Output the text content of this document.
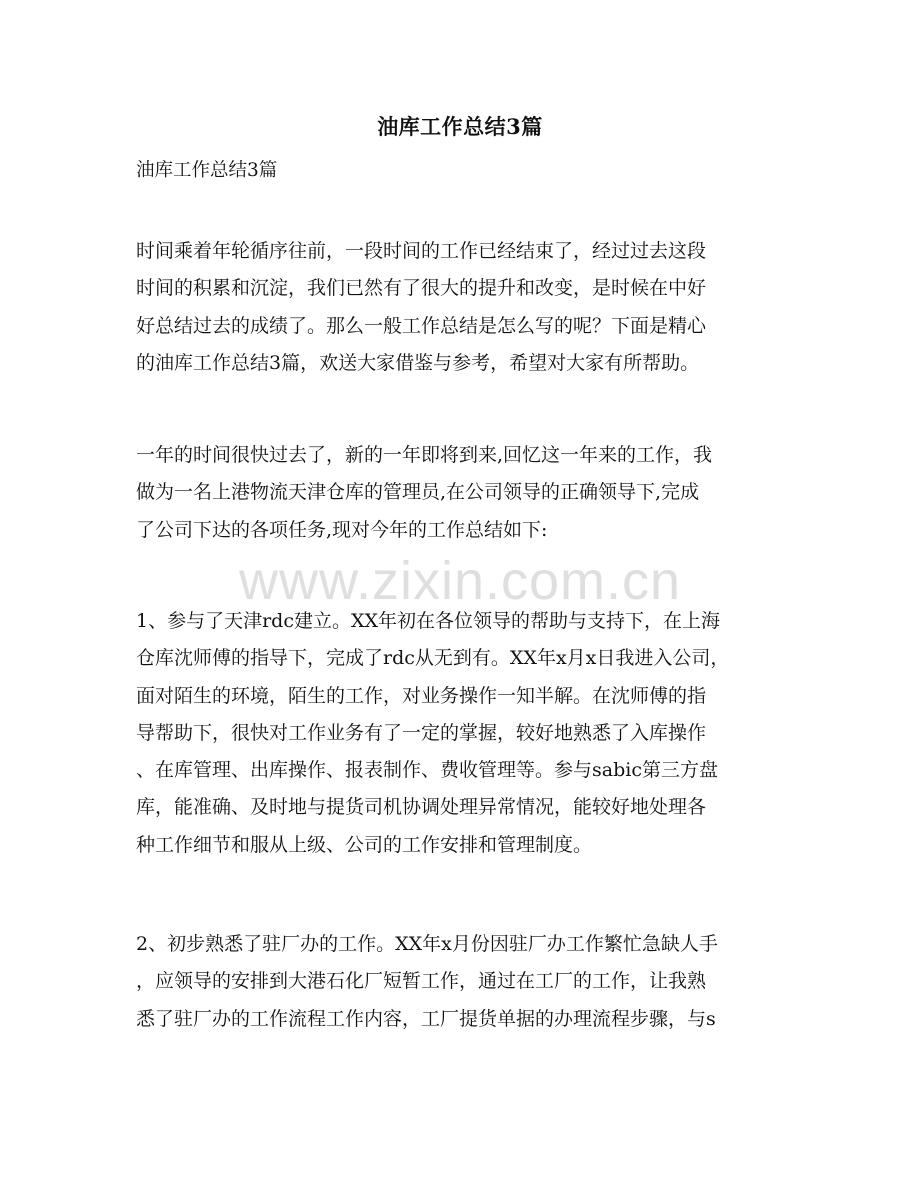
油库工作总结3篇
油库工作总结3篇
时间乘着年轮循序往前，一段时间的工作已经结束了，经过过去这段
时间的积累和沉淀，我们已然有了很大的提升和改变，是时候在中好
好总结过去的成绩了。那么一般工作总结是怎么写的呢？下面是精心
的油库工作总结3篇，欢送大家借鉴与参考，希望对大家有所帮助。
一年的时间很快过去了，新的一年即将到来,回忆这一年来的工作，我
做为一名上港物流天津仓库的管理员,在公司领导的正确领导下,完成
了公司下达的各项任务,现对今年的工作总结如下:
1、参与了天津rdc建立。XX年初在各位领导的帮助与支持下，在上海
仓库沈师傅的指导下，完成了rdc从无到有。XX年x月x日我进入公司，
面对陌生的环境，陌生的工作，对业务操作一知半解。在沈师傅的指
导帮助下，很快对工作业务有了一定的掌握，较好地熟悉了入库操作
、在库管理、出库操作、报表制作、费收管理等。参与sabic第三方盘
库，能准确、及时地与提货司机协调处理异常情况，能较好地处理各
种工作细节和服从上级、公司的工作安排和管理制度。
2、初步熟悉了驻厂办的工作。XX年x月份因驻厂办工作繁忙急缺人手
，应领导的安排到大港石化厂短暂工作，通过在工厂的工作，让我熟
悉了驻厂办的工作流程工作内容，工厂提货单据的办理流程步骤，与s
www.zixin.com.cn
